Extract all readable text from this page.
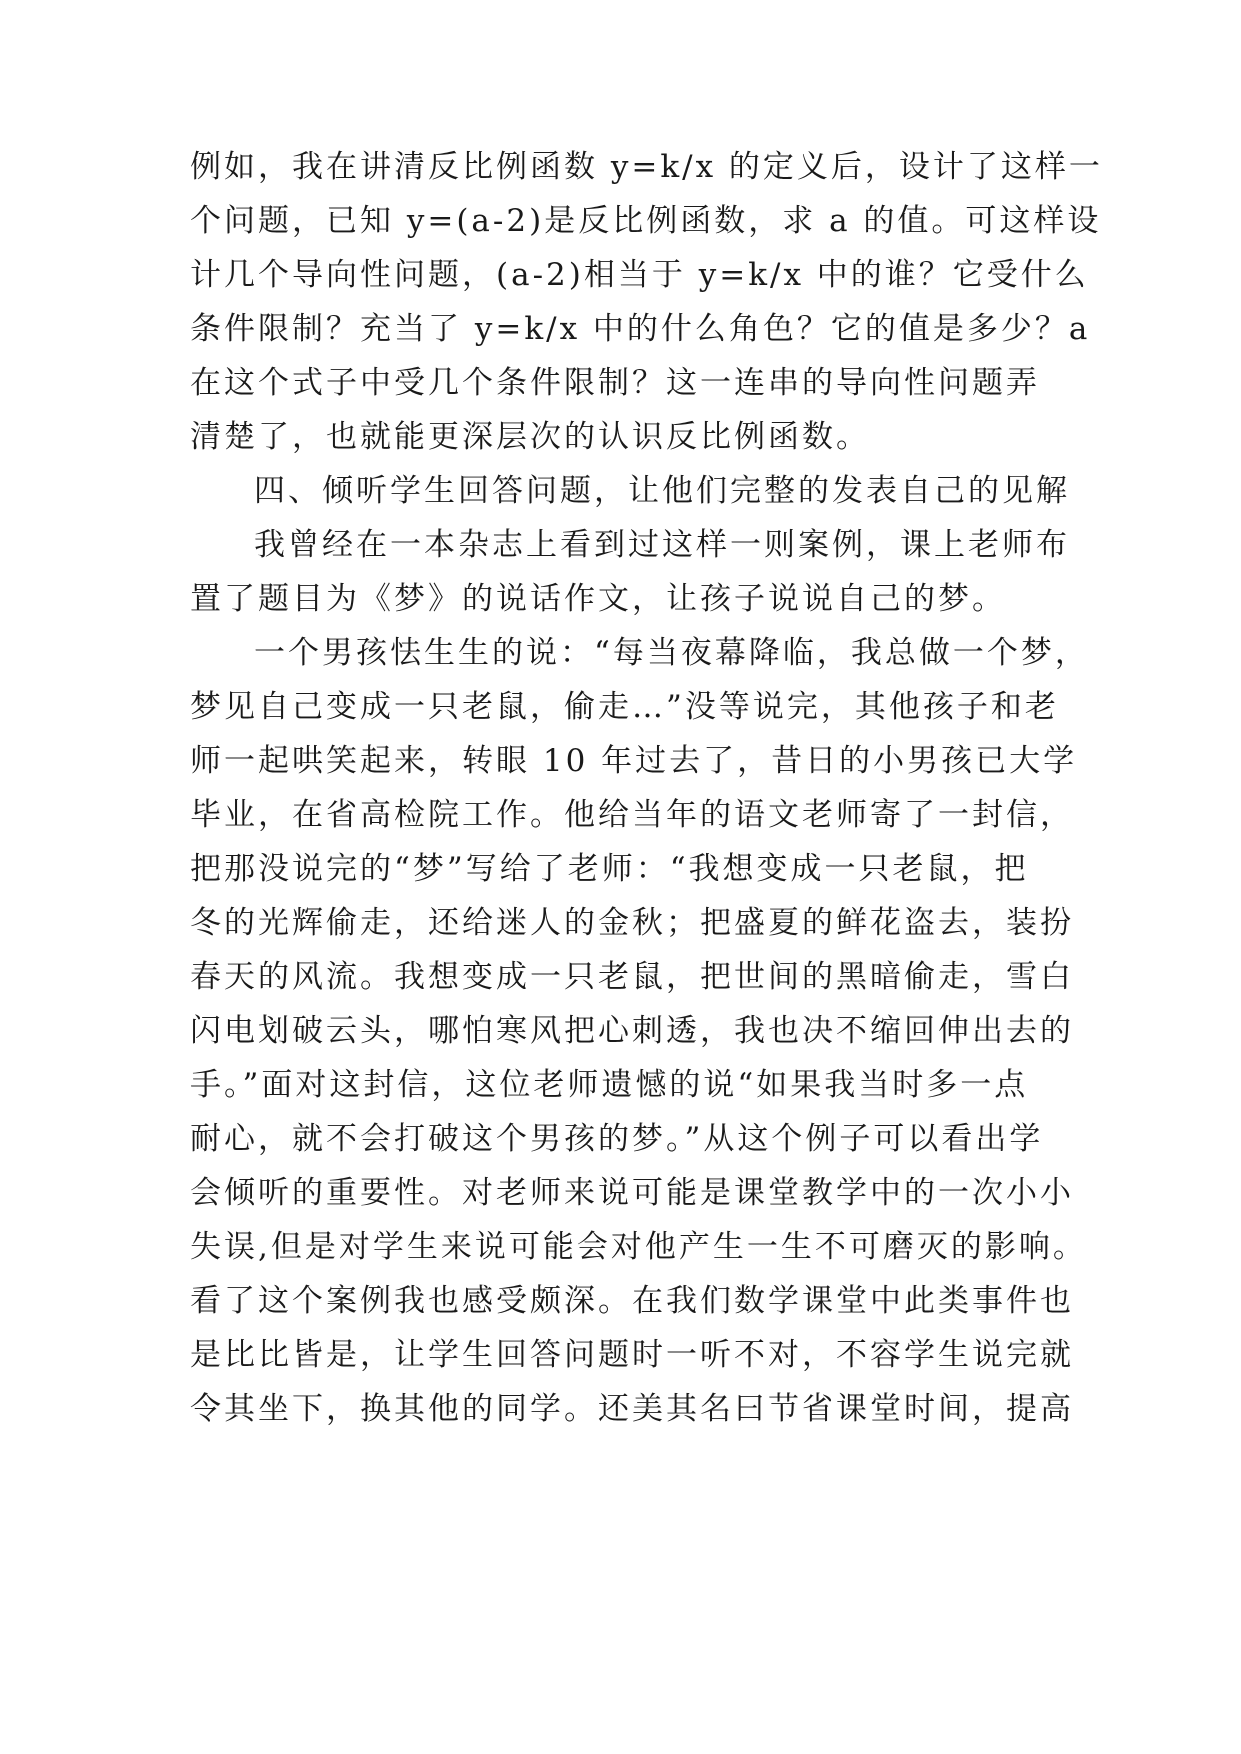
例如，我在讲清反比例函数 y=k/x 的定义后，设计了这样一
个问题，已知 y=(a-2)是反比例函数，求 a 的值。可这样设
计几个导向性问题，(a-2)相当于 y=k/x 中的谁？它受什么
条件限制？充当了 y=k/x 中的什么角色？它的值是多少？a
在这个式子中受几个条件限制？这一连串的导向性问题弄
清楚了，也就能更深层次的认识反比例函数。
四、倾听学生回答问题，让他们完整的发表自己的见解
我曾经在一本杂志上看到过这样一则案例，课上老师布
置了题目为《梦》的说话作文，让孩子说说自己的梦。
一个男孩怯生生的说：“每当夜幕降临，我总做一个梦，
梦见自己变成一只老鼠，偷走…”没等说完，其他孩子和老
师一起哄笑起来，转眼 10 年过去了，昔日的小男孩已大学
毕业，在省高检院工作。他给当年的语文老师寄了一封信，
把那没说完的“梦”写给了老师：“我想变成一只老鼠，把
冬的光辉偷走，还给迷人的金秋；把盛夏的鲜花盗去，装扮
春天的风流。我想变成一只老鼠，把世间的黑暗偷走，雪白
闪电划破云头，哪怕寒风把心刺透，我也决不缩回伸出去的
手。”面对这封信，这位老师遗憾的说“如果我当时多一点
耐心，就不会打破这个男孩的梦。”从这个例子可以看出学
会倾听的重要性。对老师来说可能是课堂教学中的一次小小
失误,但是对学生来说可能会对他产生一生不可磨灭的影响。
看了这个案例我也感受颇深。在我们数学课堂中此类事件也
是比比皆是，让学生回答问题时一听不对，不容学生说完就
令其坐下，换其他的同学。还美其名曰节省课堂时间，提高
